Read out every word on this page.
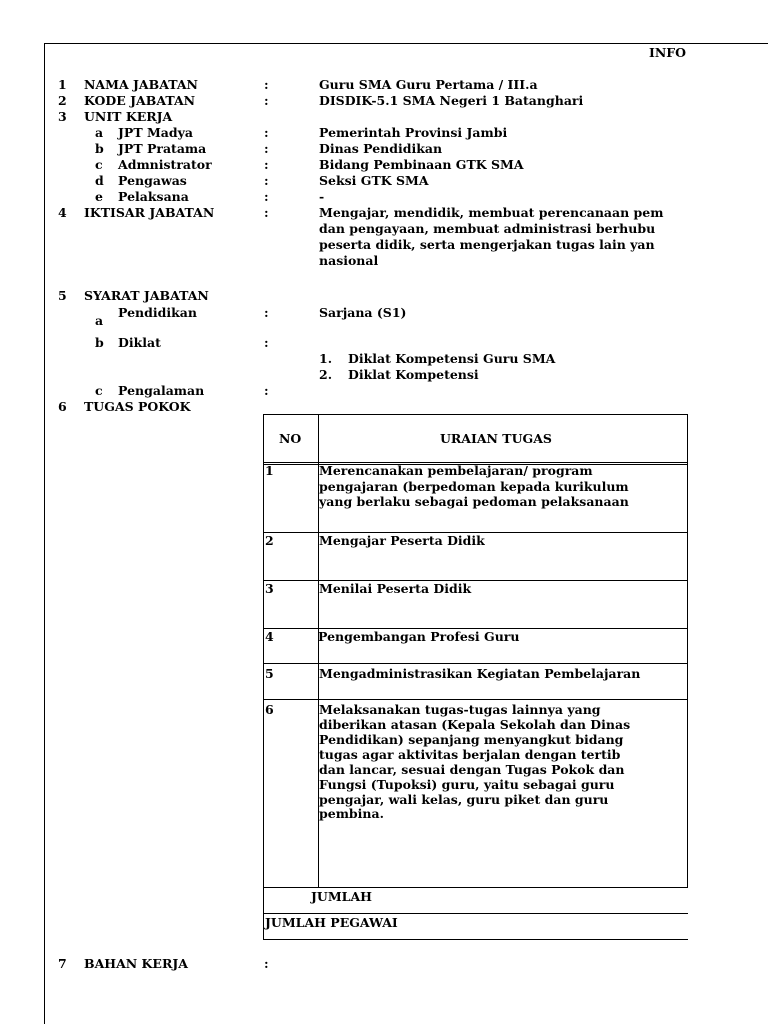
INFO
1 NAMA JABATAN	:	Guru SMA Guru Pertama / III.a
2 KODE JABATAN	:	DISDIK-5.1 SMA Negeri 1 Batanghari
3 UNIT KERJA
a JPT Madya	:	Pemerintah Provinsi Jambi
b JPT Pratama	:	Dinas Pendidikan
c Admnistrator	:	Bidang Pembinaan GTK SMA
d Pengawas	:	Seksi GTK SMA
e Pelaksana	:	-
4 IKTISAR JABATAN	:	Mengajar, mendidik, membuat perencanaan pem
dan pengayaan, membuat administrasi berhubu
peserta didik, serta mengerjakan tugas lain yan
nasional
5 SYARAT JABATAN
a
Pendidikan	:	Sarjana (S1)
b Diklat	:
1. Diklat Kompetensi Guru SMA
2. Diklat Kompetensi
c Pengalaman	:
6 TUGAS POKOK
NO	URAIAN TUGAS
1	Merencanakan pembelajaran/ program
pengajaran (berpedoman kepada kurikulum
yang berlaku sebagai pedoman pelaksanaan
2	Mengajar Peserta Didik
3	Menilai Peserta Didik
4	Pengembangan Profesi Guru
5	Mengadministrasikan Kegiatan Pembelajaran
6	Melaksanakan tugas-tugas lainnya yang
diberikan atasan (Kepala Sekolah dan Dinas
Pendidikan) sepanjang menyangkut bidang
tugas agar aktivitas berjalan dengan tertib
dan lancar, sesuai dengan Tugas Pokok dan
Fungsi (Tupoksi) guru, yaitu sebagai guru
pengajar, wali kelas, guru piket dan guru
pembina.
JUMLAH
JUMLAH PEGAWAI
7 BAHAN KERJA	:
